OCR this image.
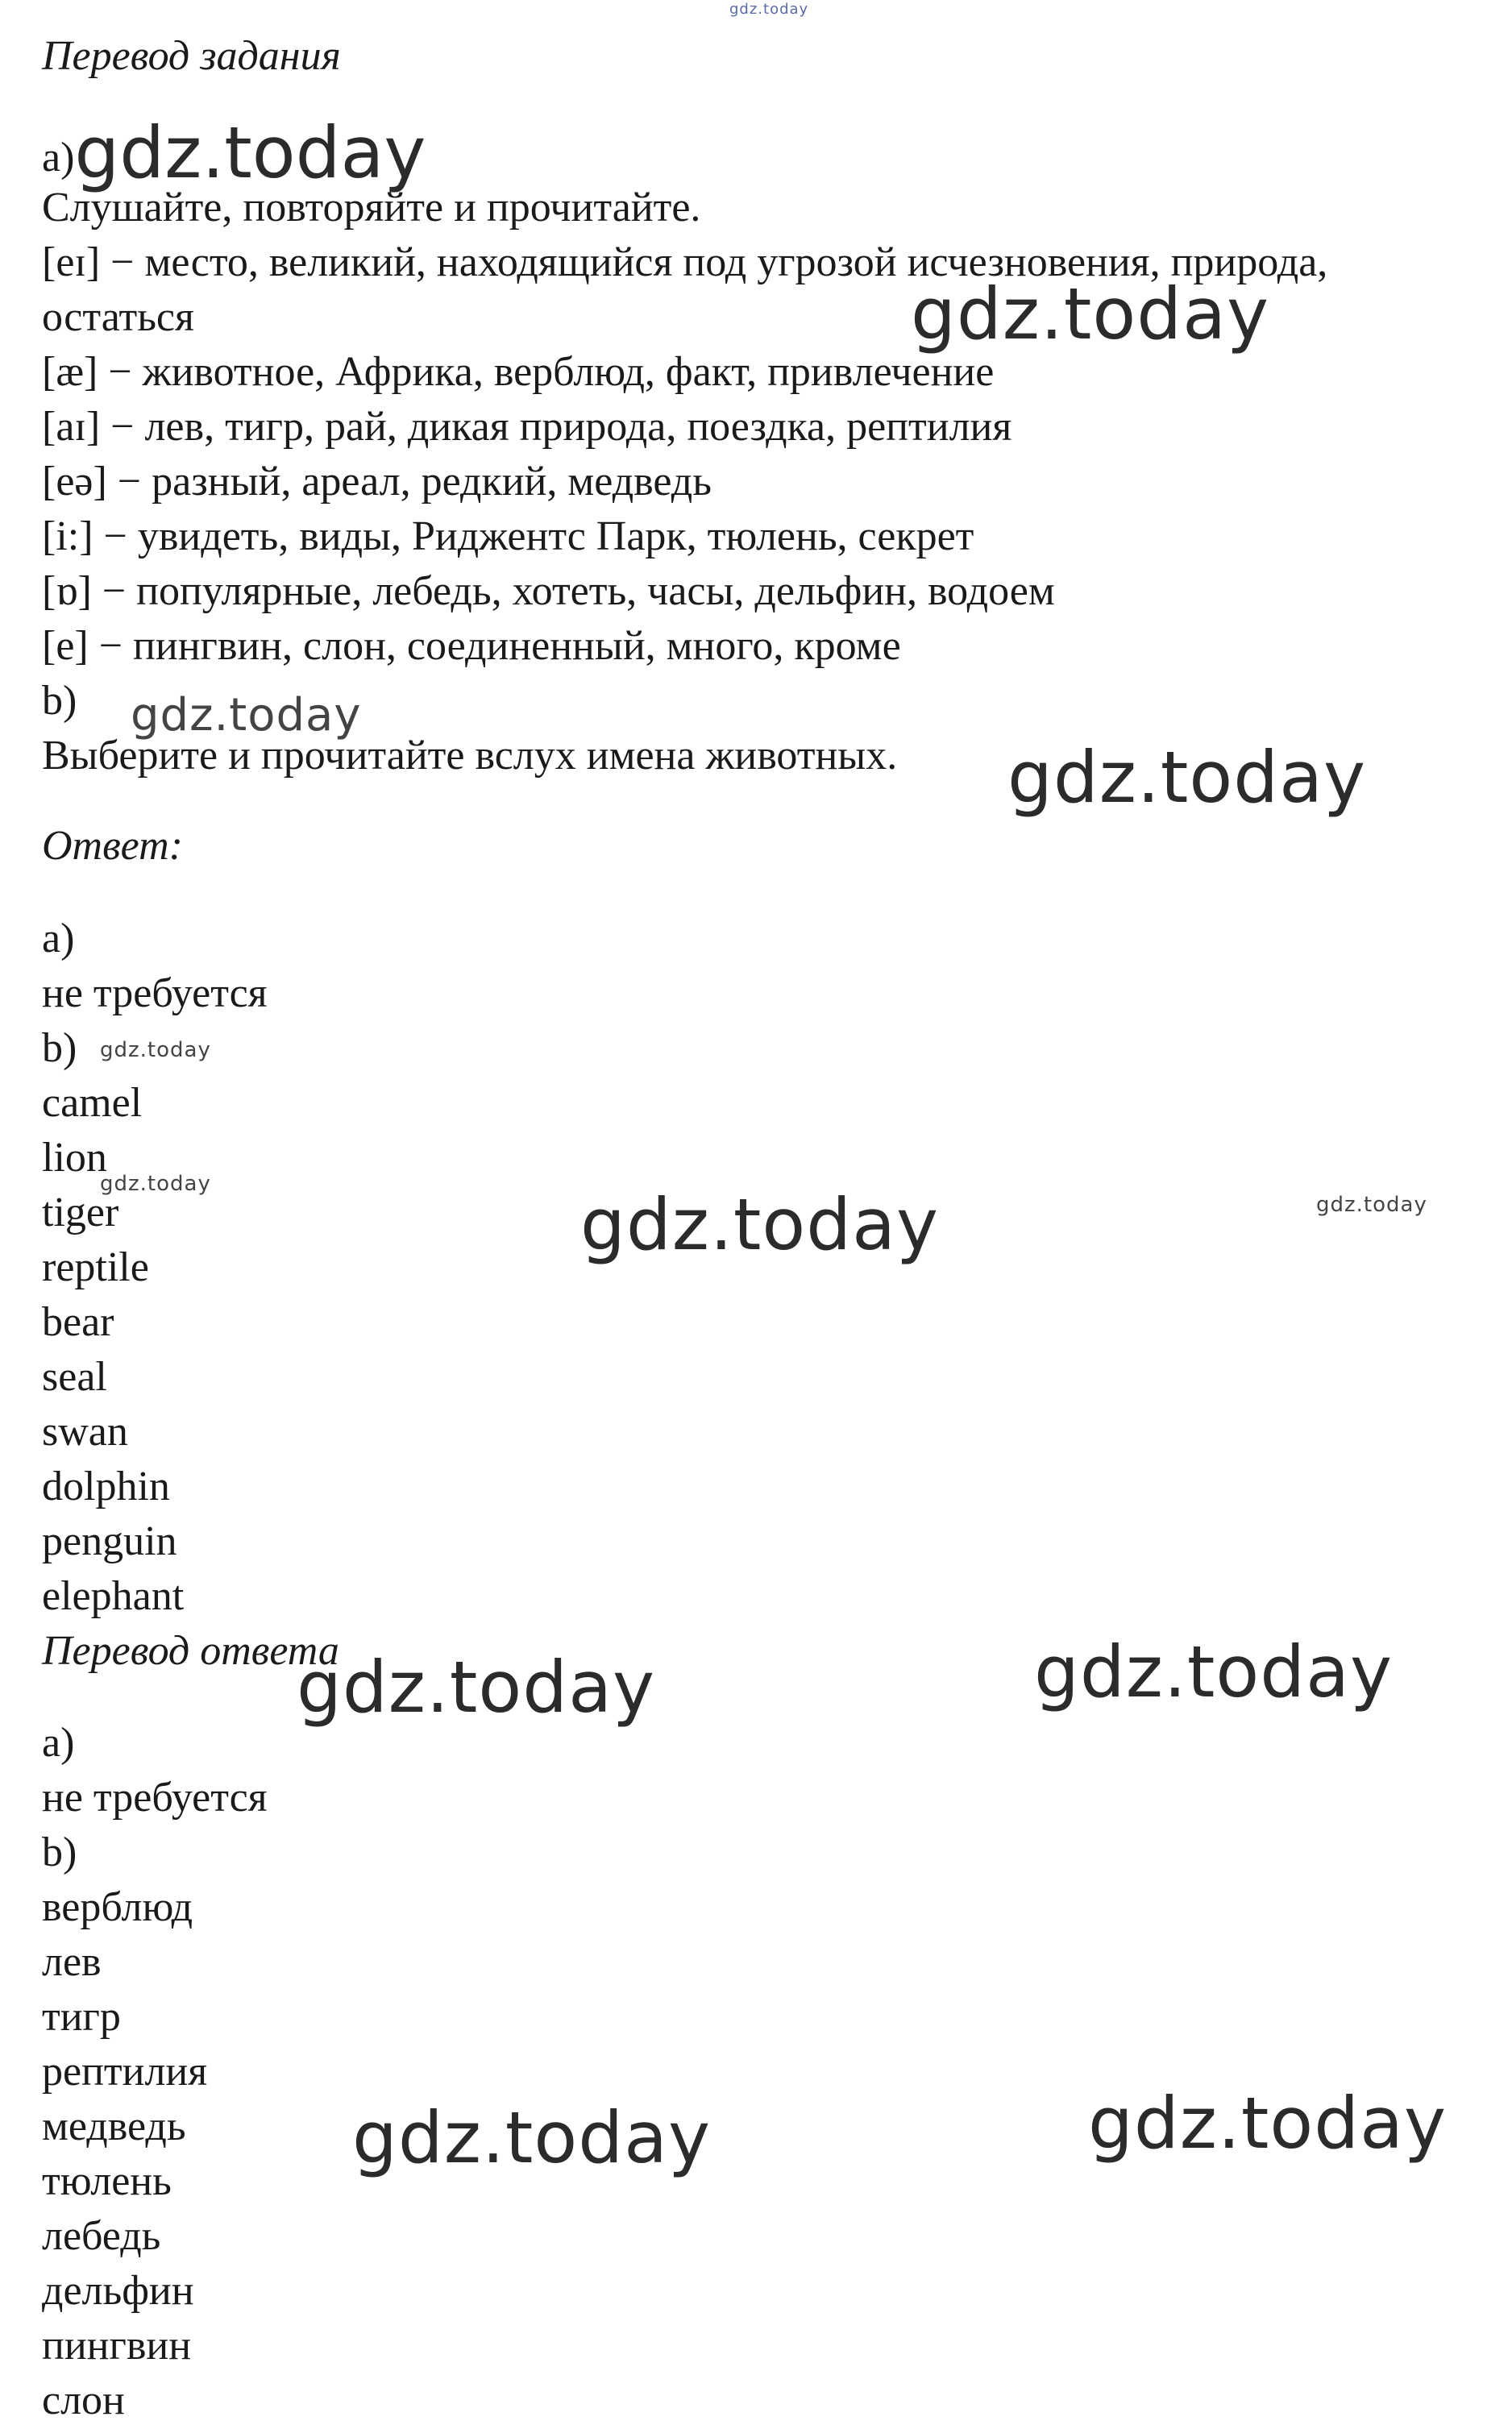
Перевод задания

a)gdz.today

Слушайте, повторяйте и прочитайте.

[eɪ] − место, великий, находящийся под угрозой исчезновения, природа,

остаться

[æ] − животное, Африка, верблюд, факт, привлечение

[aɪ] − лев, тигр, рай, дикая природа, поездка, рептилия

[eə] − разный, ареал, редкий, медведь

[i:] − увидеть, виды, Риджентс Парк, тюлень, секрет

[ɒ] − популярные, лебедь, хотеть, часы, дельфин, водоем

[e] − пингвин, слон, соединенный, много, кроме

b)

Выберите и прочитайте вслух имена животных.

Ответ:

a)

не требуется

b)

camel

lion

tiger

reptile

bear

seal

swan

dolphin

penguin

elephant

Перевод ответа

a)

не требуется

b)

верблюд

лев

тигр

рептилия

медведь

тюлень

лебедь

дельфин

пингвин

слон

gdz.today

gdz.today

gdz.today

gdz.today

gdz.today

gdz.today	gdz.today	gdz.today

gdz.today	gdz.today

gdz.today	gdz.today
